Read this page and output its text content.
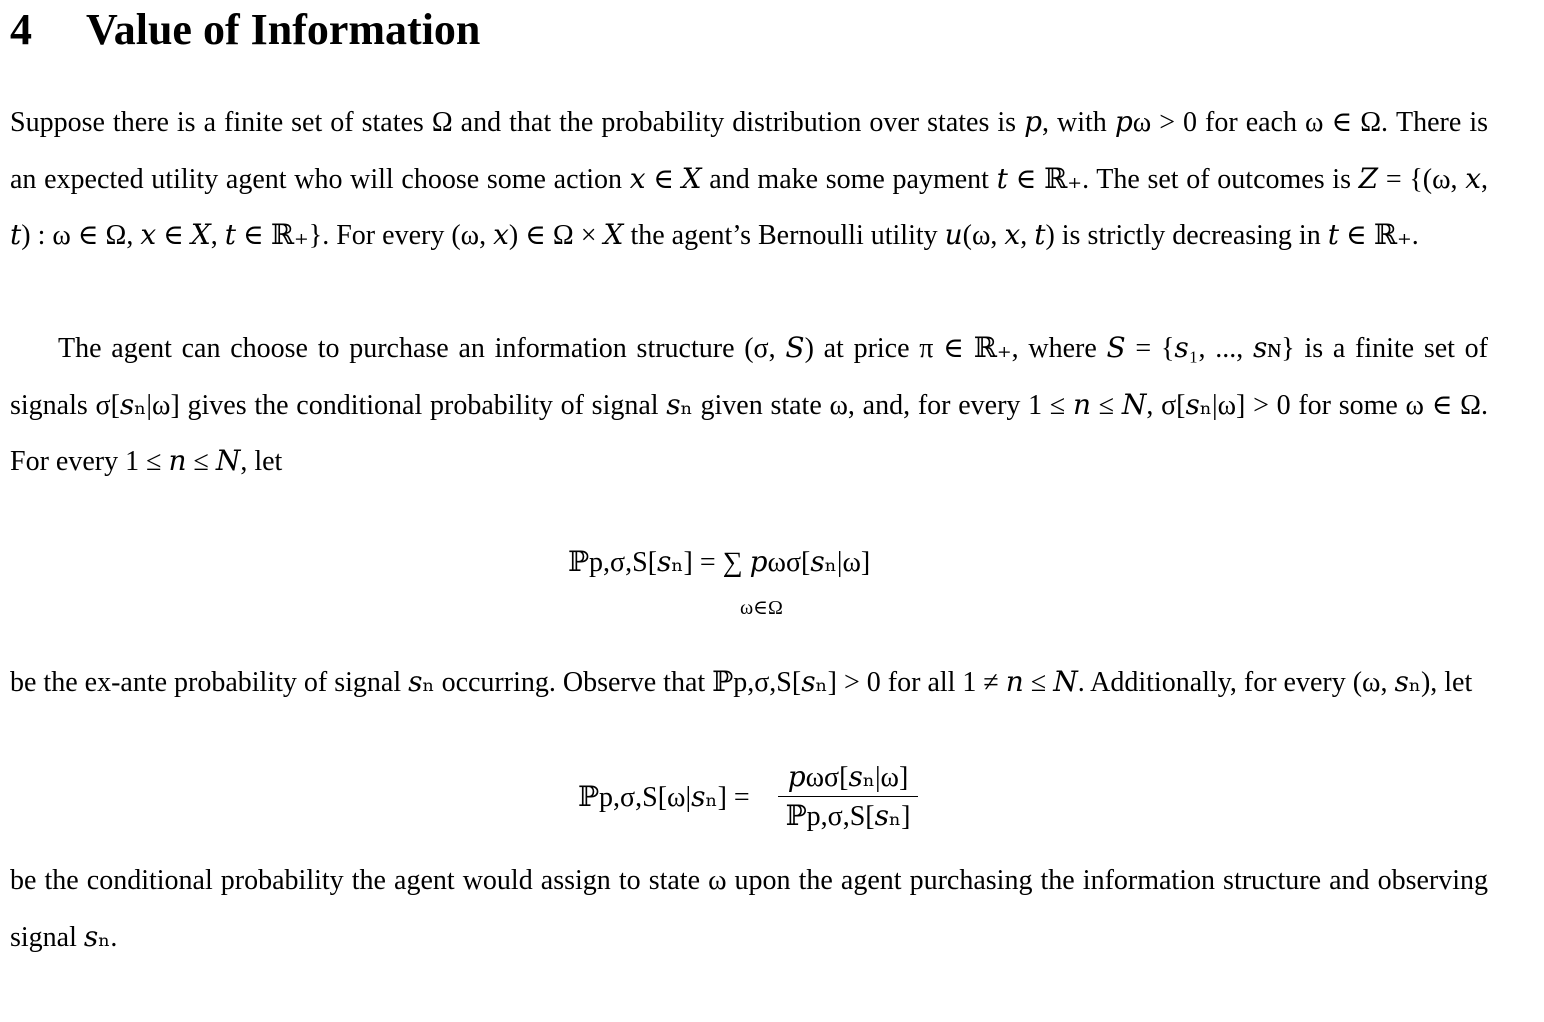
4 Value of Information

Suppose there is a finite set of states Ω and that the probability distribution over states is 𝑝, with 𝑝ω > 0 for each ω ∈ Ω. There is an expected utility agent who will choose some action 𝑥 ∈ 𝑋 and make some payment 𝑡 ∈ ℝ₊. The set of outcomes is 𝑍 = {(ω, 𝑥, 𝑡) : ω ∈ Ω, 𝑥 ∈ 𝑋, 𝑡 ∈ ℝ₊}. For every (ω, 𝑥) ∈ Ω × 𝑋 the agent’s Bernoulli utility 𝑢(ω, 𝑥, 𝑡) is strictly decreasing in 𝑡 ∈ ℝ₊.

The agent can choose to purchase an information structure (σ, 𝑆) at price π ∈ ℝ₊, where 𝑆 = {𝑠₁, ..., 𝑠ɴ} is a finite set of signals σ[𝑠ₙ|ω] gives the conditional probability of signal 𝑠ₙ given state ω, and, for every 1 ≤ 𝑛 ≤ 𝑁, σ[𝑠ₙ|ω] > 0 for some ω ∈ Ω. For every 1 ≤ 𝑛 ≤ 𝑁, let

ℙp,σ,S[𝑠ₙ] = ∑ 𝑝ωσ[𝑠ₙ|ω]
ω∈Ω

be the ex-ante probability of signal 𝑠ₙ occurring. Observe that ℙp,σ,S[𝑠ₙ] > 0 for all 1 ≠ 𝑛 ≤ 𝑁. Additionally, for every (ω, 𝑠ₙ), let

ℙp,σ,S[ω|𝑠ₙ] =
𝑝ωσ[𝑠ₙ|ω]
ℙp,σ,S[𝑠ₙ]

be the conditional probability the agent would assign to state ω upon the agent purchasing the information structure and observing signal 𝑠ₙ.
